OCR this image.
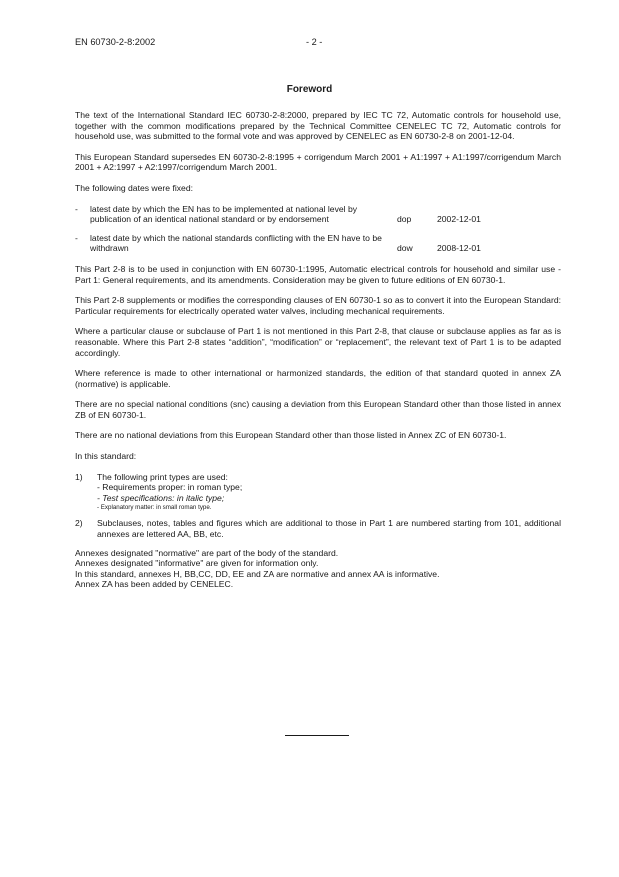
EN 60730-2-8:2002	- 2 -
Foreword

The text of the International Standard IEC 60730-2-8:2000, prepared by IEC TC 72, Automatic controls for household use, together with the common modifications prepared by the Technical Committee CENELEC TC 72, Automatic controls for household use, was submitted to the formal vote and was approved by CENELEC as EN 60730-2-8 on 2001-12-04.

This European Standard supersedes EN 60730-2-8:1995 + corrigendum March 2001 + A1:1997 + A1:1997/corrigendum March 2001 + A2:1997 + A2:1997/corrigendum March 2001.

The following dates were fixed:

-	latest date by which the EN has to be implemented at national level by publication of an identical national standard or by endorsement	dop	2002-12-01
-	latest date by which the national standards conflicting with the EN have to be withdrawn	dow	2008-12-01

This Part 2-8 is to be used in conjunction with EN 60730-1:1995, Automatic electrical controls for household and similar use - Part 1: General requirements, and its amendments. Consideration may be given to future editions of EN 60730-1.

This Part 2-8 supplements or modifies the corresponding clauses of EN 60730-1 so as to convert it into the European Standard: Particular requirements for electrically operated water valves, including mechanical requirements.

Where a particular clause or subclause of Part 1 is not mentioned in this Part 2-8, that clause or subclause applies as far as is reasonable. Where this Part 2-8 states “addition”, “modification” or “replacement”, the relevant text of Part 1 is to be adapted accordingly.

Where reference is made to other international or harmonized standards, the edition of that standard quoted in annex ZA (normative) is applicable.

There are no special national conditions (snc) causing a deviation from this European Standard other than those listed in annex ZB of EN 60730-1.

There are no national deviations from this European Standard other than those listed in Annex ZC of EN 60730-1.

In this standard:

1)	The following print types are used:
- Requirements proper: in roman type;
- Test specifications: in italic type;
- Explanatory matter: in small roman type.
2)	Subclauses, notes, tables and figures which are additional to those in Part 1 are numbered starting from 101, additional annexes are lettered AA, BB, etc.

Annexes designated "normative" are part of the body of the standard.

Annexes designated "informative" are given for information only.

In this standard, annexes H, BB,CC, DD, EE and ZA are normative and annex AA is informative.

Annex ZA has been added by CENELEC.
